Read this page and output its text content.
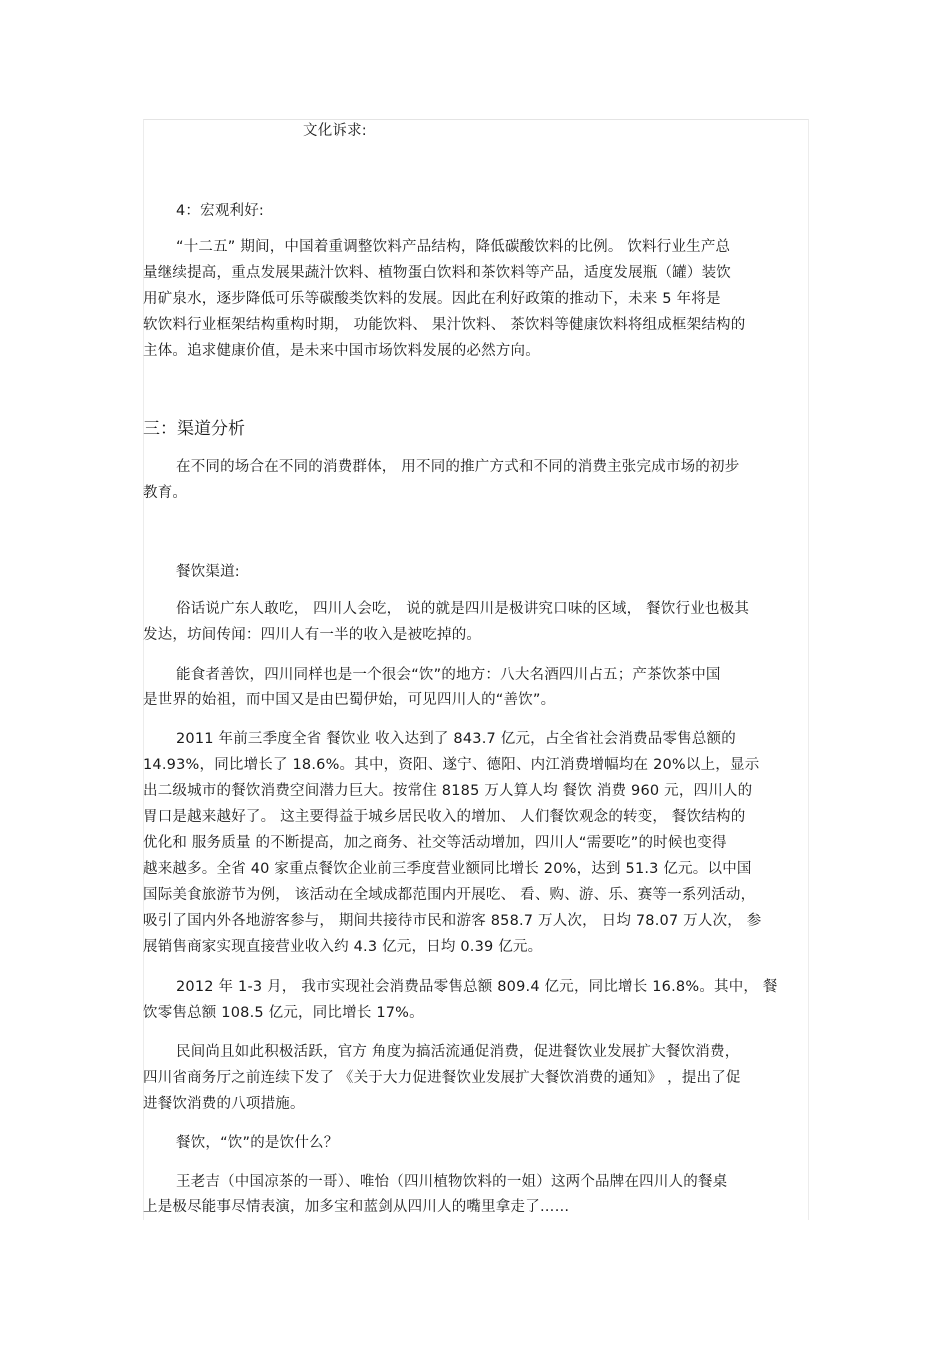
文化诉求:
4：宏观利好:
“十二五” 期间，中国着重调整饮料产品结构，降低碳酸饮料的比例。 饮料行业生产总
量继续提高，重点发展果蔬汁饮料、植物蛋白饮料和茶饮料等产品，适度发展瓶（罐）装饮
用矿泉水，逐步降低可乐等碳酸类饮料的发展。因此在利好政策的推动下，未来 5 年将是
软饮料行业框架结构重构时期， 功能饮料、 果汁饮料、 茶饮料等健康饮料将组成框架结构的
主体。追求健康价值，是未来中国市场饮料发展的必然方向。
三：渠道分析
在不同的场合在不同的消费群体， 用不同的推广方式和不同的消费主张完成市场的初步
教育。
餐饮渠道:
俗话说广东人敢吃， 四川人会吃， 说的就是四川是极讲究口味的区域， 餐饮行业也极其
发达，坊间传闻：四川人有一半的收入是被吃掉的。
能食者善饮，四川同样也是一个很会“饮”的地方：八大名酒四川占五；产茶饮茶中国
是世界的始祖，而中国又是由巴蜀伊始，可见四川人的“善饮”。
2011 年前三季度全省 餐饮业 收入达到了 843.7 亿元，占全省社会消费品零售总额的
14.93%，同比增长了 18.6%。其中，资阳、遂宁、德阳、内江消费增幅均在 20%以上，显示
出二级城市的餐饮消费空间潜力巨大。按常住 8185 万人算人均 餐饮 消费 960 元，四川人的
胃口是越来越好了。 这主要得益于城乡居民收入的增加、 人们餐饮观念的转变， 餐饮结构的
优化和 服务质量 的不断提高，加之商务、社交等活动增加，四川人“需要吃”的时候也变得
越来越多。全省 40 家重点餐饮企业前三季度营业额同比增长 20%，达到 51.3 亿元。以中国
国际美食旅游节为例， 该活动在全域成都范围内开展吃、 看、购、游、乐、赛等一系列活动，
吸引了国内外各地游客参与， 期间共接待市民和游客 858.7 万人次， 日均 78.07 万人次， 参
展销售商家实现直接营业收入约 4.3 亿元，日均 0.39 亿元。
2012 年 1-3 月， 我市实现社会消费品零售总额 809.4 亿元，同比增长 16.8%。其中， 餐
饮零售总额 108.5 亿元，同比增长 17%。
民间尚且如此积极活跃，官方 角度为搞活流通促消费，促进餐饮业发展扩大餐饮消费，
四川省商务厅之前连续下发了 《关于大力促进餐饮业发展扩大餐饮消费的通知》 ，提出了促
进餐饮消费的八项措施。
餐饮，“饮”的是饮什么？
王老吉（中国凉茶的一哥）、唯怡（四川植物饮料的一姐）这两个品牌在四川人的餐桌
上是极尽能事尽情表演，加多宝和蓝剑从四川人的嘴里拿走了……
